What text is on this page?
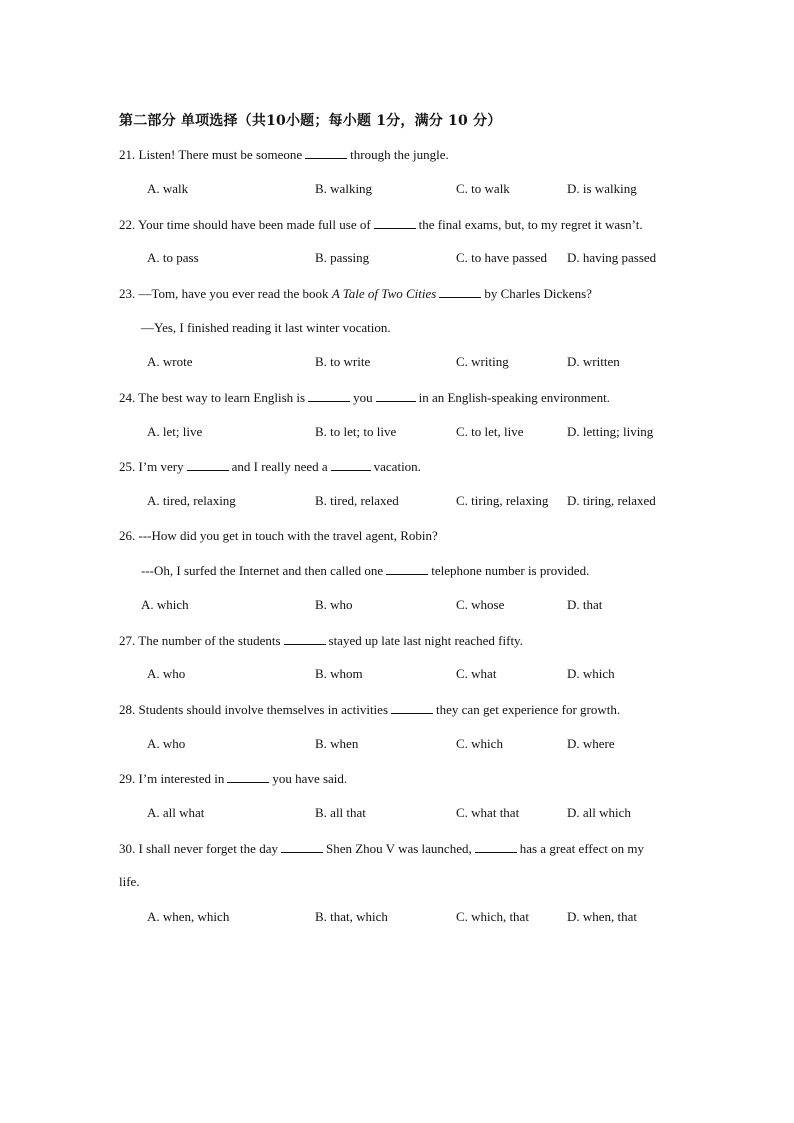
第二部分 单项选择（共10小题；每小题 1分，满分 10 分）
21. Listen! There must be someone	through the jungle.
A. walk	B. walking	C. to walk	D. is walking
22. Your time should have been made full use of	the final exams, but, to my regret it wasn’t.
A. to pass	B. passing	C. to have passed D. having passed
23. —Tom, have you ever read the book A Tale of Two Cities	by Charles Dickens?
—Yes, I finished reading it last winter vocation.
A. wrote	B. to write	C. writing	D. written
24. The best way to learn English is	you	in an English-speaking environment.
A. let; live	B. to let; to live	C. to let, live	D. letting; living
25. I’m very	and I really need a	vacation.
A. tired, relaxing	B. tired, relaxed	C. tiring, relaxing D. tiring, relaxed
26. ---How did you get in touch with the travel agent, Robin?
---Oh, I surfed the Internet and then called one	telephone number is provided.
A. which	B. who	C. whose	D. that
27. The number of the students	stayed up late last night reached fifty.
A. who	B. whom	C. what	D. which
28. Students should involve themselves in activities	they can get experience for growth.
A. who	B. when	C. which	D. where
29. I’m interested in	you have said.
A. all what	B. all that	C. what that	D. all which
30. I shall never forget the day	Shen Zhou V was launched,	has a great effect on my
life.
A. when, which	B. that, which	C. which, that	D. when, that
